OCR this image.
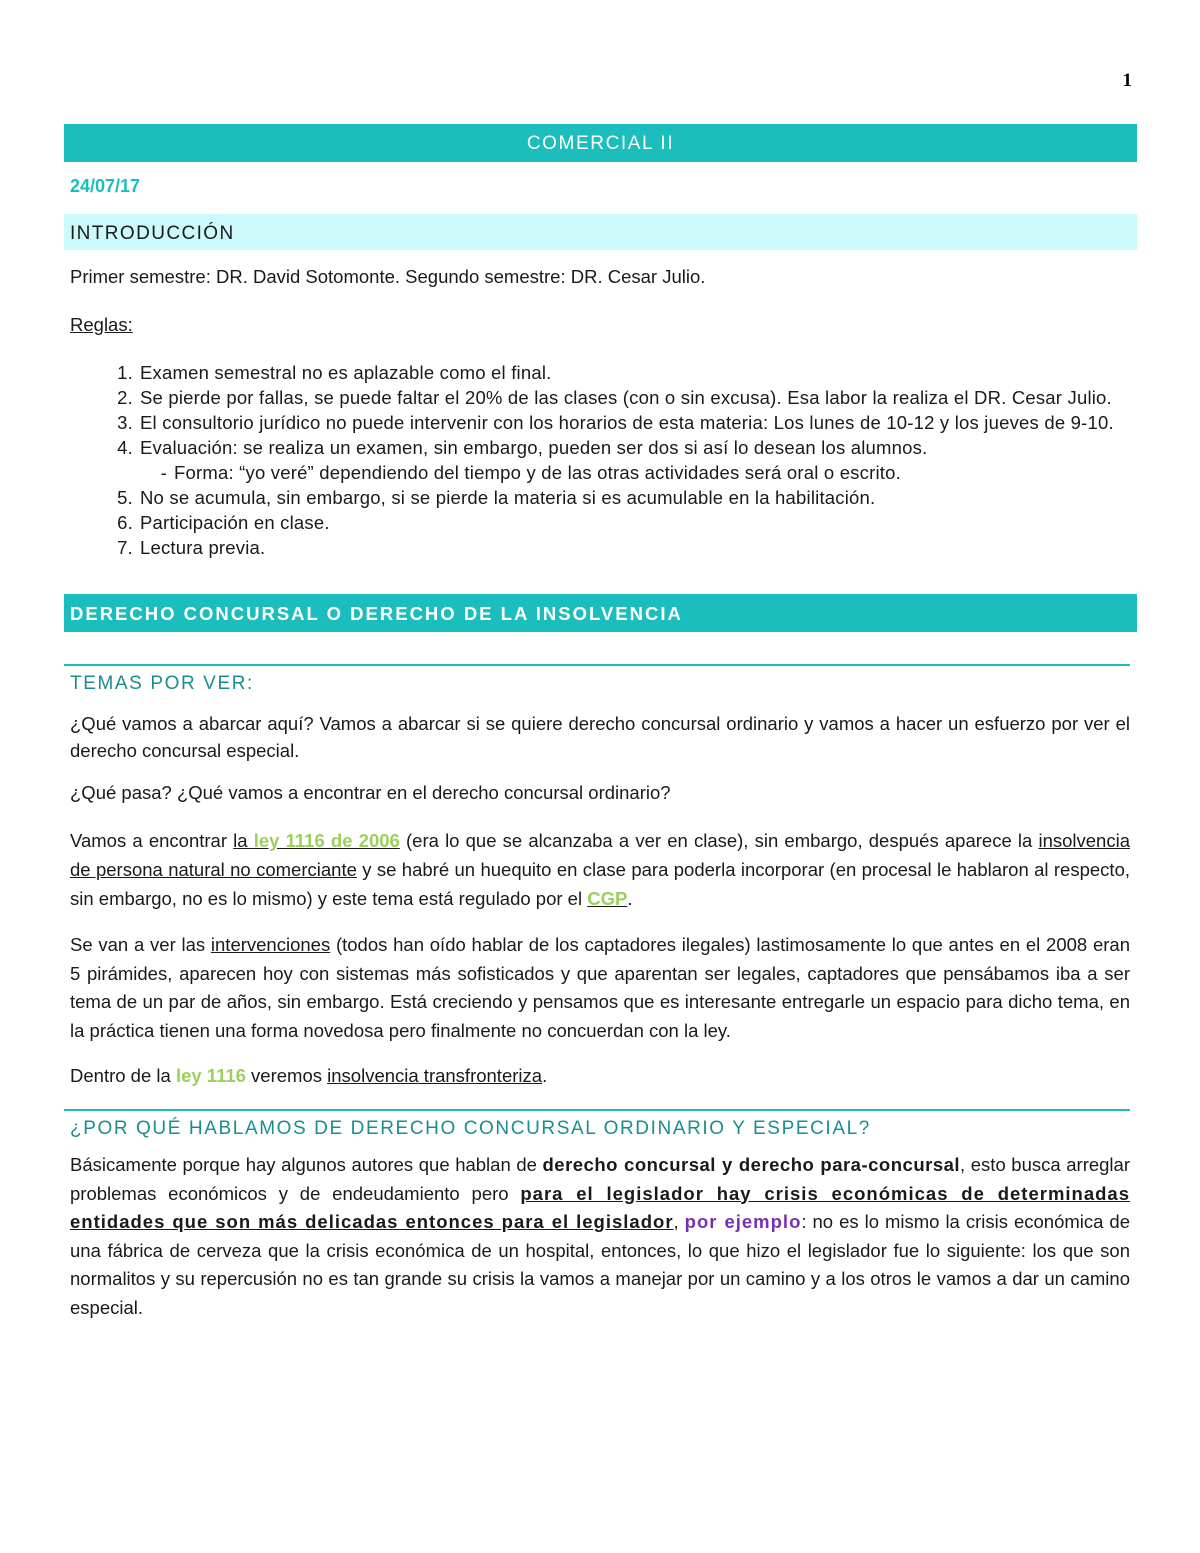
1
COMERCIAL II
24/07/17
INTRODUCCIÓN

Primer semestre: DR. David Sotomonte. Segundo semestre: DR. Cesar Julio.

Reglas:

1. Examen semestral no es aplazable como el final.
2. Se pierde por fallas, se puede faltar el 20% de las clases (con o sin excusa). Esa labor la realiza el DR. Cesar Julio.
3. El consultorio jurídico no puede intervenir con los horarios de esta materia: Los lunes de 10-12 y los jueves de 9-10.
4. Evaluación: se realiza un examen, sin embargo, pueden ser dos si así lo desean los alumnos.
- Forma: “yo veré” dependiendo del tiempo y de las otras actividades será oral o escrito.
5. No se acumula, sin embargo, si se pierde la materia si es acumulable en la habilitación.
6. Participación en clase.
7. Lectura previa.
DERECHO CONCURSAL O DERECHO DE LA INSOLVENCIA
TEMAS POR VER:

¿Qué vamos a abarcar aquí? Vamos a abarcar si se quiere derecho concursal ordinario y vamos a hacer un esfuerzo por ver el derecho concursal especial.

¿Qué pasa? ¿Qué vamos a encontrar en el derecho concursal ordinario?

Vamos a encontrar la ley 1116 de 2006 (era lo que se alcanzaba a ver en clase), sin embargo, después aparece la insolvencia de persona natural no comerciante y se habré un huequito en clase para poderla incorporar (en procesal le hablaron al respecto, sin embargo, no es lo mismo) y este tema está regulado por el CGP.

Se van a ver las intervenciones (todos han oído hablar de los captadores ilegales) lastimosamente lo que antes en el 2008 eran 5 pirámides, aparecen hoy con sistemas más sofisticados y que aparentan ser legales, captadores que pensábamos iba a ser tema de un par de años, sin embargo. Está creciendo y pensamos que es interesante entregarle un espacio para dicho tema, en la práctica tienen una forma novedosa pero finalmente no concuerdan con la ley.

Dentro de la ley 1116 veremos insolvencia transfronteriza.

¿POR QUÉ HABLAMOS DE DERECHO CONCURSAL ORDINARIO Y ESPECIAL?

Básicamente porque hay algunos autores que hablan de derecho concursal y derecho para-concursal, esto busca arreglar problemas económicos y de endeudamiento pero para el legislador hay crisis económicas de determinadas entidades que son más delicadas entonces para el legislador, por ejemplo: no es lo mismo la crisis económica de una fábrica de cerveza que la crisis económica de un hospital, entonces, lo que hizo el legislador fue lo siguiente: los que son normalitos y su repercusión no es tan grande su crisis la vamos a manejar por un camino y a los otros le vamos a dar un camino especial.
